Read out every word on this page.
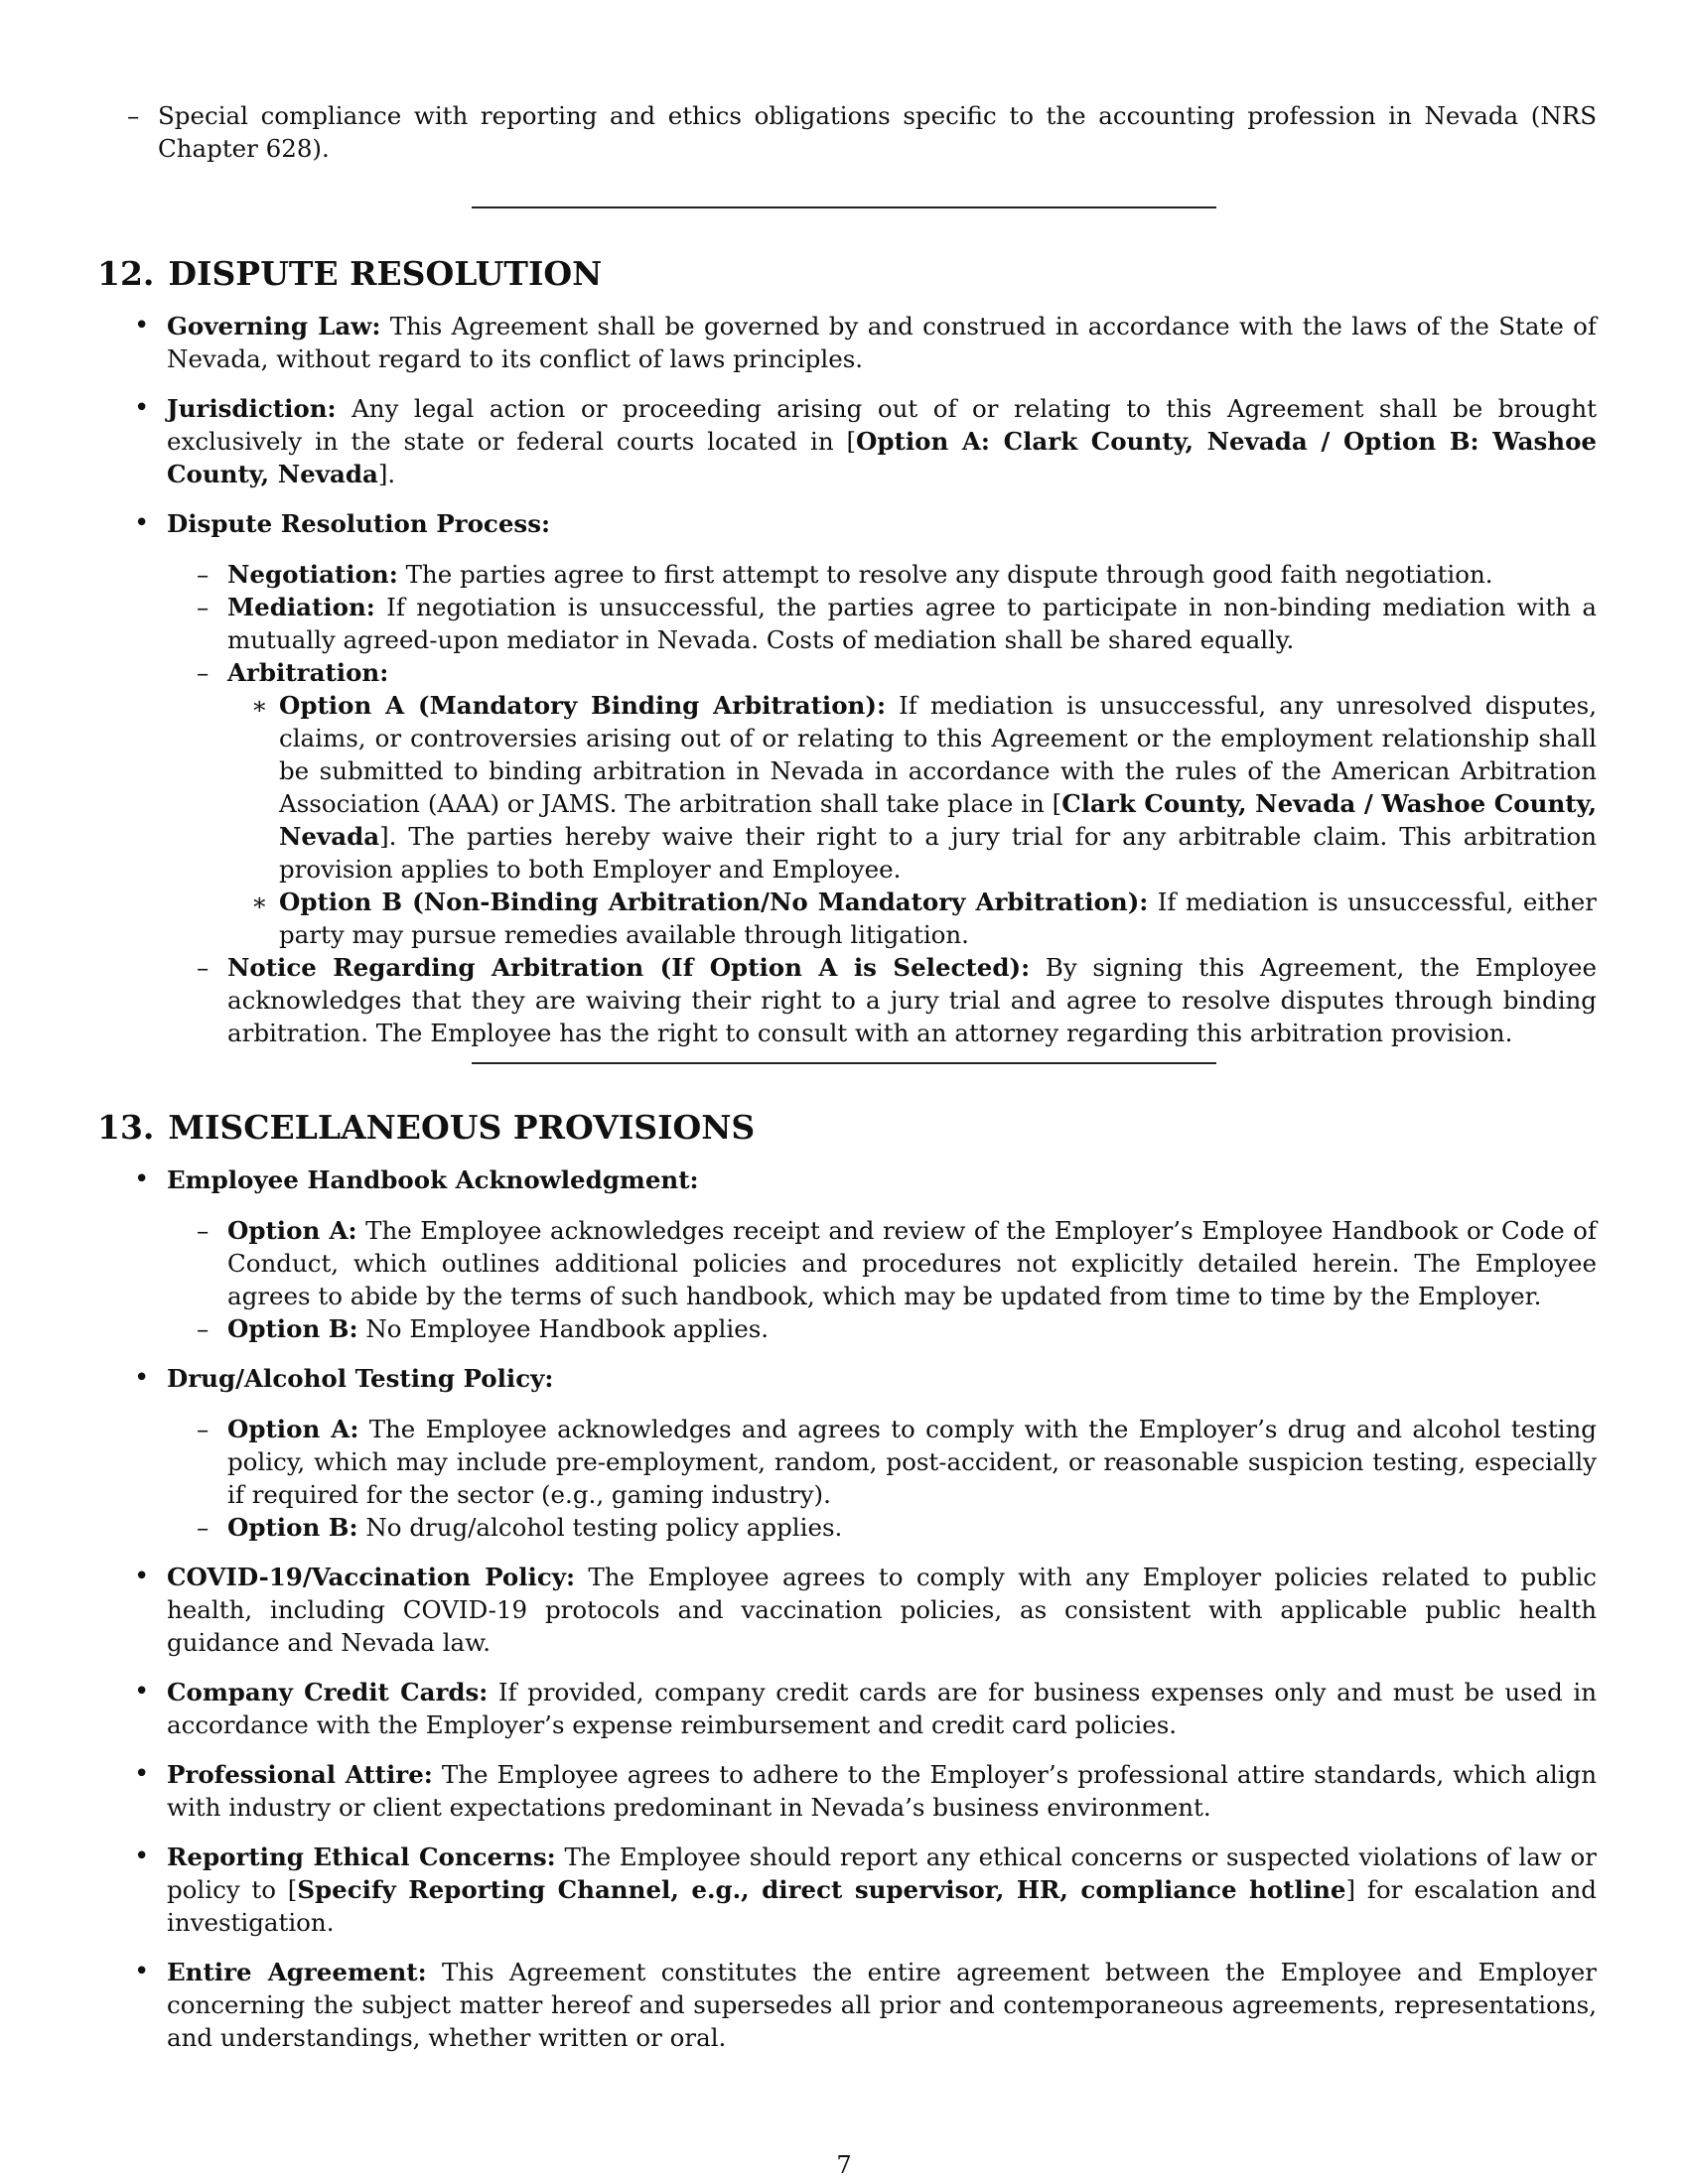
– Special compliance with reporting and ethics obligations specific to the accounting profession in Nevada (NRS Chapter 628).
12. DISPUTE RESOLUTION
• Governing Law: This Agreement shall be governed by and construed in accordance with the laws of the State of Nevada, without regard to its conflict of laws principles.
• Jurisdiction: Any legal action or proceeding arising out of or relating to this Agreement shall be brought exclusively in the state or federal courts located in [Option A: Clark County, Nevada / Option B: Washoe County, Nevada].
• Dispute Resolution Process:
– Negotiation: The parties agree to first attempt to resolve any dispute through good faith negotiation.
– Mediation: If negotiation is unsuccessful, the parties agree to participate in non-binding mediation with a mutually agreed-upon mediator in Nevada. Costs of mediation shall be shared equally.
– Arbitration:
∗ Option A (Mandatory Binding Arbitration): If mediation is unsuccessful, any unresolved disputes, claims, or controversies arising out of or relating to this Agreement or the employment relationship shall be submitted to binding arbitration in Nevada in accordance with the rules of the American Arbitration Association (AAA) or JAMS. The arbitration shall take place in [Clark County, Nevada / Washoe County, Nevada]. The parties hereby waive their right to a jury trial for any arbitrable claim. This arbitration provision applies to both Employer and Employee.
∗ Option B (Non-Binding Arbitration/No Mandatory Arbitration): If mediation is unsuccessful, either party may pursue remedies available through litigation.
– Notice Regarding Arbitration (If Option A is Selected): By signing this Agreement, the Employee acknowledges that they are waiving their right to a jury trial and agree to resolve disputes through binding arbitration. The Employee has the right to consult with an attorney regarding this arbitration provision.
13. MISCELLANEOUS PROVISIONS
• Employee Handbook Acknowledgment:
– Option A: The Employee acknowledges receipt and review of the Employer’s Employee Handbook or Code of Conduct, which outlines additional policies and procedures not explicitly detailed herein. The Employee agrees to abide by the terms of such handbook, which may be updated from time to time by the Employer.
– Option B: No Employee Handbook applies.
• Drug/Alcohol Testing Policy:
– Option A: The Employee acknowledges and agrees to comply with the Employer’s drug and alcohol testing policy, which may include pre-employment, random, post-accident, or reasonable suspicion testing, especially if required for the sector (e.g., gaming industry).
– Option B: No drug/alcohol testing policy applies.
• COVID-19/Vaccination Policy: The Employee agrees to comply with any Employer policies related to public health, including COVID-19 protocols and vaccination policies, as consistent with applicable public health guidance and Nevada law.
• Company Credit Cards: If provided, company credit cards are for business expenses only and must be used in accordance with the Employer’s expense reimbursement and credit card policies.
• Professional Attire: The Employee agrees to adhere to the Employer’s professional attire standards, which align with industry or client expectations predominant in Nevada’s business environment.
• Reporting Ethical Concerns: The Employee should report any ethical concerns or suspected violations of law or policy to [Specify Reporting Channel, e.g., direct supervisor, HR, compliance hotline] for escalation and investigation.
• Entire Agreement: This Agreement constitutes the entire agreement between the Employee and Employer concerning the subject matter hereof and supersedes all prior and contemporaneous agreements, representations, and understandings, whether written or oral.
7
